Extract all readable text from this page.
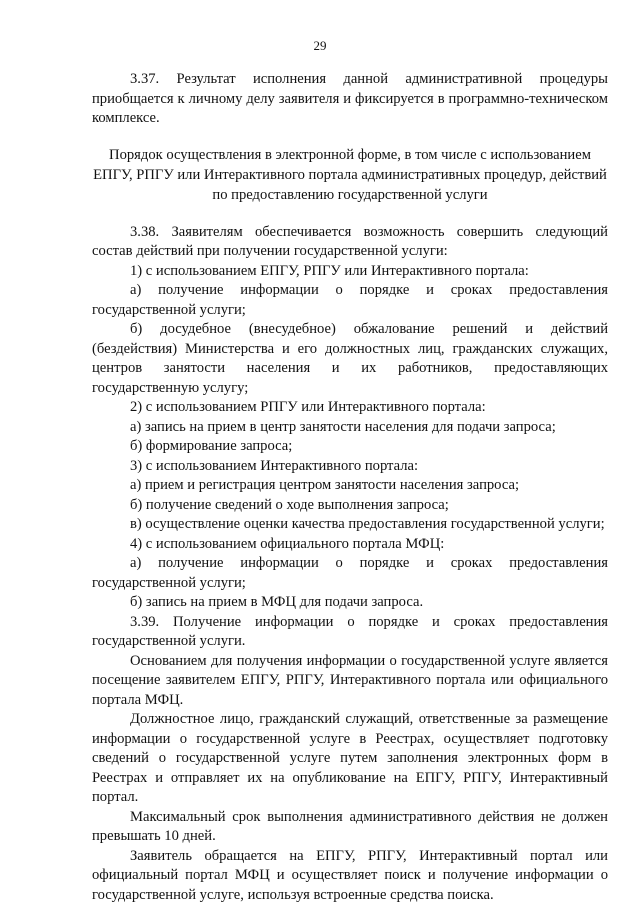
29

3.37. Результат исполнения данной административной процедуры приобщается к личному делу заявителя и фиксируется в программно-техническом комплексе.

Порядок осуществления в электронной форме, в том числе с использованием ЕПГУ, РПГУ или Интерактивного портала административных процедур, действий по предоставлению государственной услуги

3.38. Заявителям обеспечивается возможность совершить следующий состав действий при получении государственной услуги:

1) с использованием ЕПГУ, РПГУ или Интерактивного портала:

а) получение информации о порядке и сроках предоставления государственной услуги;

б) досудебное (внесудебное) обжалование решений и действий (бездействия) Министерства и его должностных лиц, гражданских служащих, центров занятости населения и их работников, предоставляющих государственную услугу;

2) с использованием РПГУ или Интерактивного портала:

а) запись на прием в центр занятости населения для подачи запроса;

б) формирование запроса;

3) с использованием Интерактивного портала:

а) прием и регистрация центром занятости населения запроса;

б) получение сведений о ходе выполнения запроса;

в) осуществление оценки качества предоставления государственной услуги;

4) с использованием официального портала МФЦ:

а) получение информации о порядке и сроках предоставления государственной услуги;

б) запись на прием в МФЦ для подачи запроса.

3.39. Получение информации о порядке и сроках предоставления государственной услуги.

Основанием для получения информации о государственной услуге является посещение заявителем ЕПГУ, РПГУ, Интерактивного портала или официального портала МФЦ.

Должностное лицо, гражданский служащий, ответственные за размещение информации о государственной услуге в Реестрах, осуществляет подготовку сведений о государственной услуге путем заполнения электронных форм в Реестрах и отправляет их на опубликование на ЕПГУ, РПГУ, Интерактивный портал.

Максимальный срок выполнения административного действия не должен превышать 10 дней.

Заявитель обращается на ЕПГУ, РПГУ, Интерактивный портал или официальный портал МФЦ и осуществляет поиск и получение информации о государственной услуге, используя встроенные средства поиска.
